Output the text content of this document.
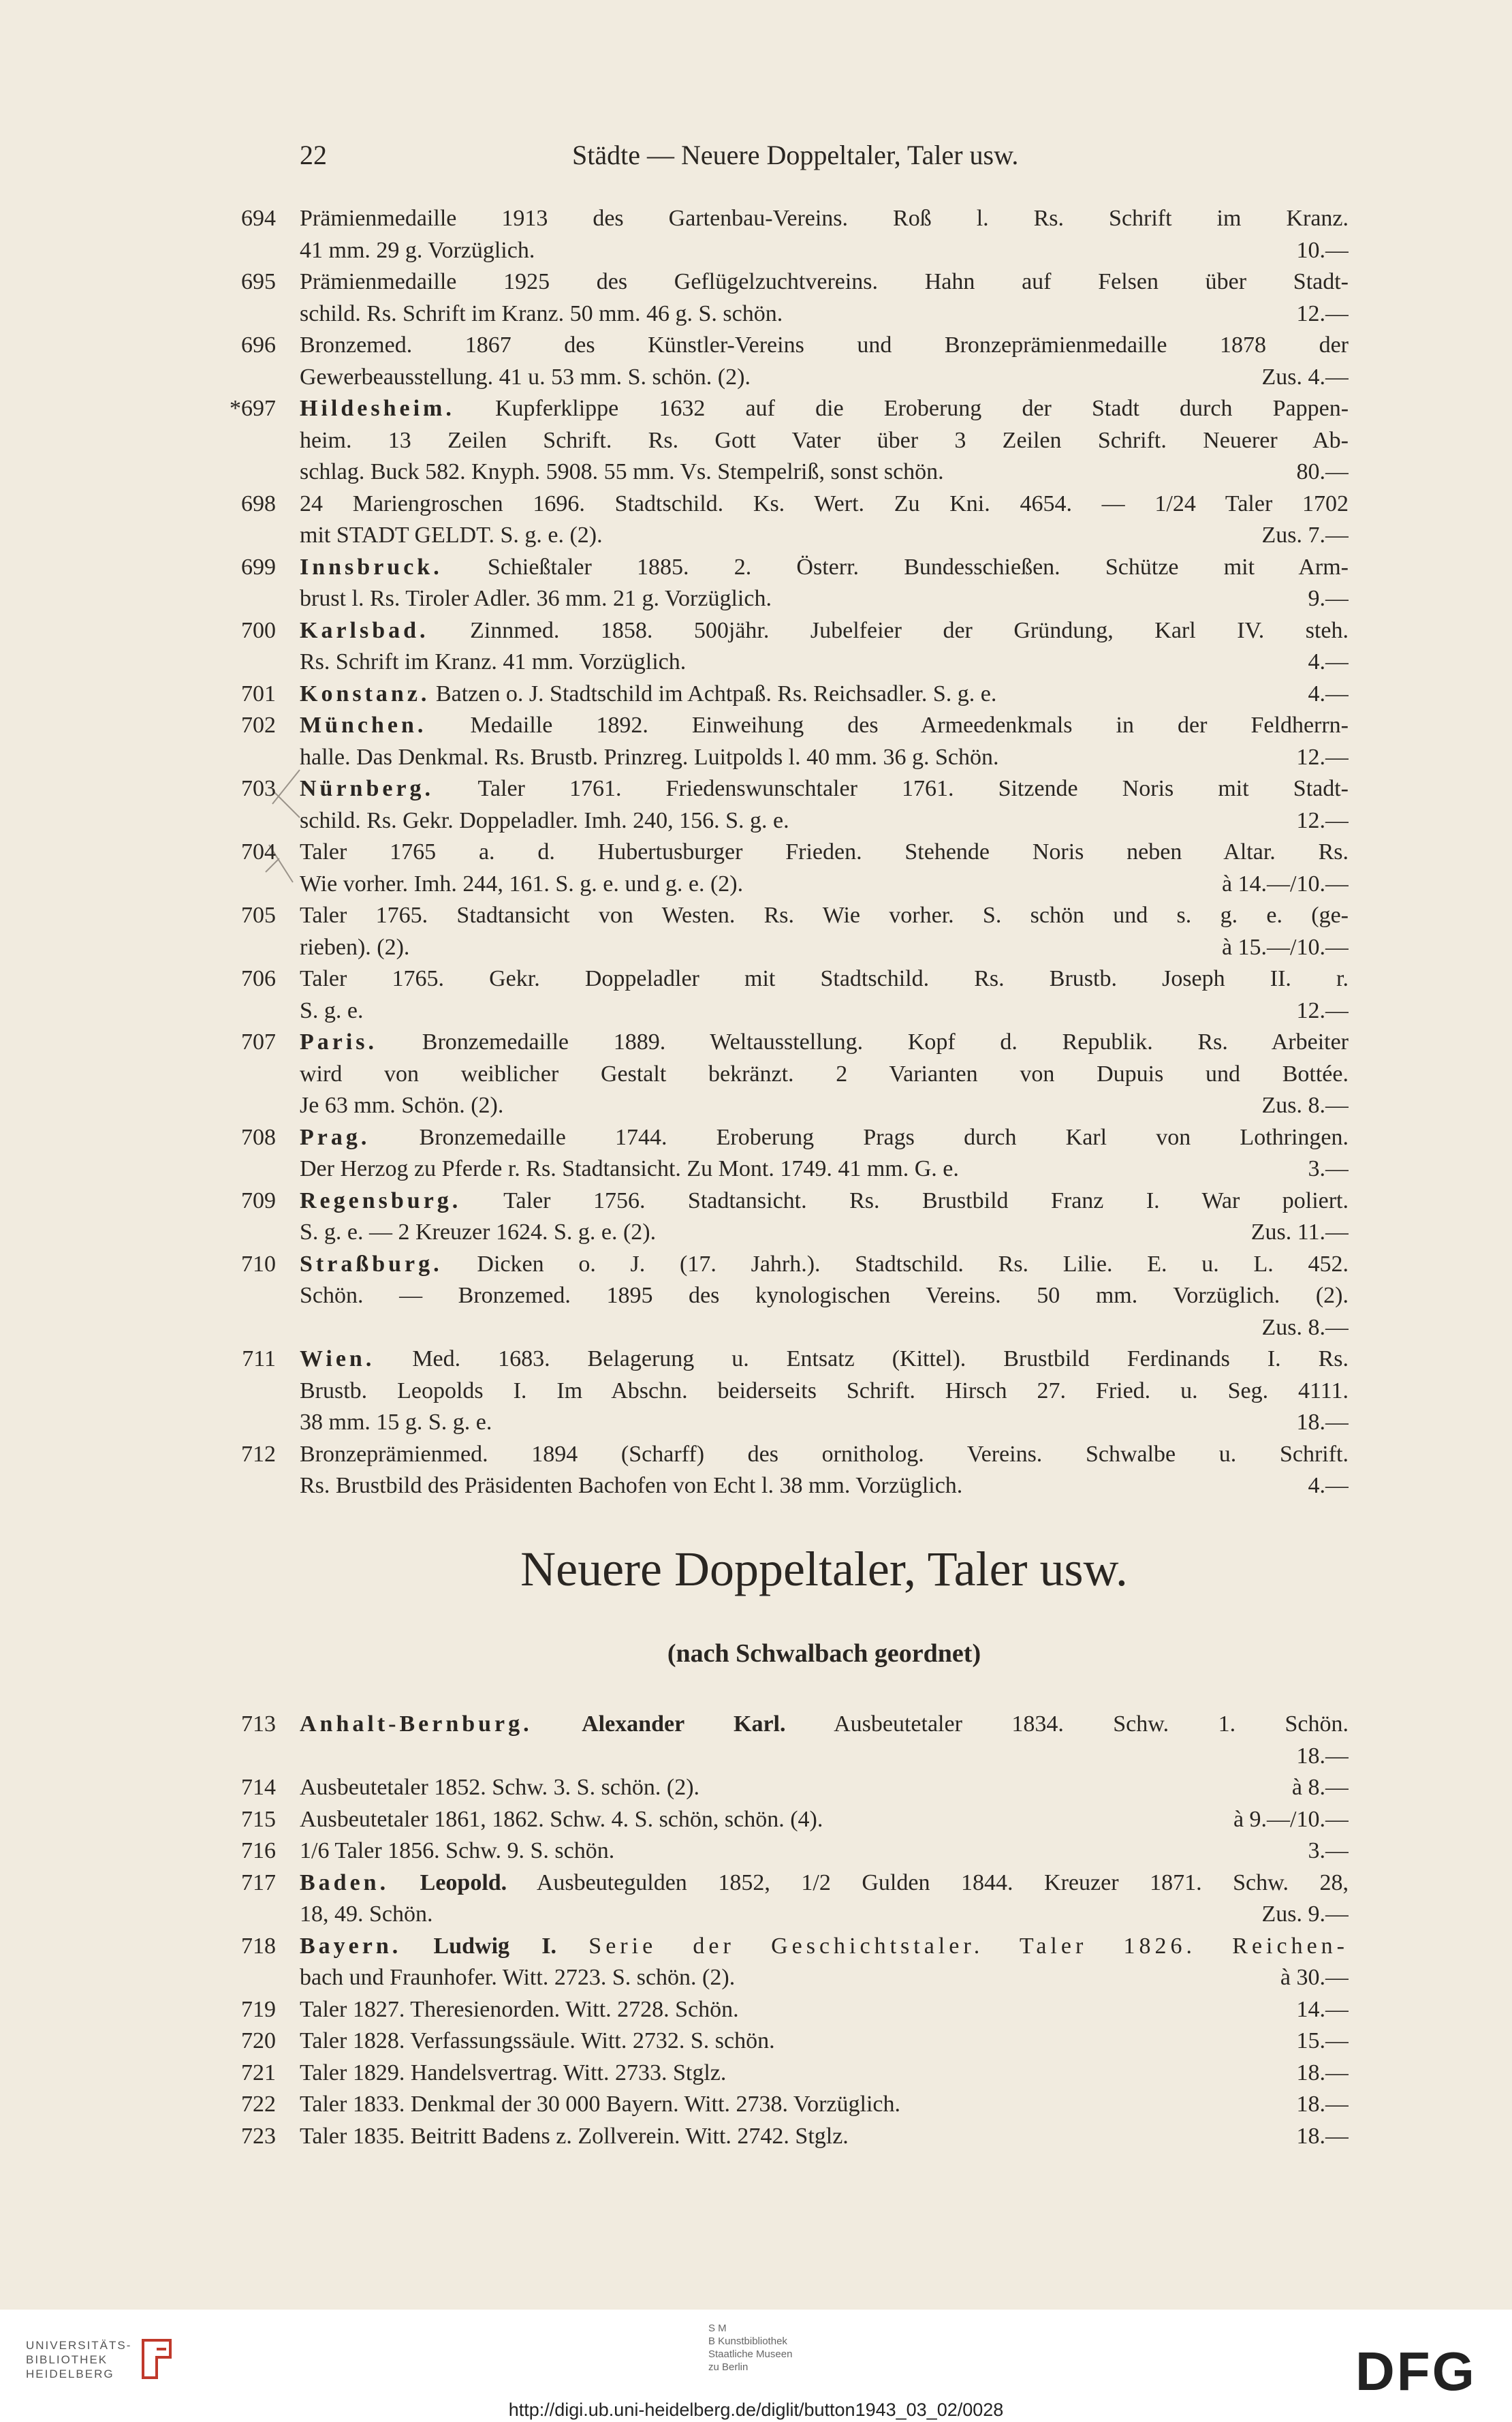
22	Städte — Neuere Doppeltaler, Taler usw.
694 Prämienmedaille 1913 des Gartenbau-Vereins. Roß l. Rs. Schrift im Kranz.
41 mm. 29 g. Vorzüglich.	10.—
695 Prämienmedaille 1925 des Geflügelzuchtvereins. Hahn auf Felsen über Stadt-
schild. Rs. Schrift im Kranz. 50 mm. 46 g. S. schön.	12.—
696 Bronzemed. 1867 des Künstler-Vereins und Bronzeprämienmedaille 1878 der
Gewerbeausstellung. 41 u. 53 mm. S. schön. (2).	Zus. 4.—
*697 Hildesheim. Kupferklippe 1632 auf die Eroberung der Stadt durch Pappen-
heim. 13 Zeilen Schrift. Rs. Gott Vater über 3 Zeilen Schrift. Neuerer Ab-
schlag. Buck 582. Knyph. 5908. 55 mm. Vs. Stempelriß, sonst schön.	80.—
698 24 Mariengroschen 1696. Stadtschild. Ks. Wert. Zu Kni. 4654. — 1/24 Taler 1702
mit STADT GELDT. S. g. e. (2).	Zus. 7.—
699 Innsbruck. Schießtaler 1885. 2. Österr. Bundesschießen. Schütze mit Arm-
brust l. Rs. Tiroler Adler. 36 mm. 21 g. Vorzüglich.	9.—
700 Karlsbad. Zinnmed. 1858. 500jähr. Jubelfeier der Gründung, Karl IV. steh.
Rs. Schrift im Kranz. 41 mm. Vorzüglich.	4.—
701 Konstanz. Batzen o. J. Stadtschild im Achtpaß. Rs. Reichsadler. S. g. e.	4.—
702 München. Medaille 1892. Einweihung des Armeedenkmals in der Feldherrn-
halle. Das Denkmal. Rs. Brustb. Prinzreg. Luitpolds l. 40 mm. 36 g. Schön.	12.—
703 Nürnberg. Taler 1761. Friedenswunschtaler 1761. Sitzende Noris mit Stadt-
schild. Rs. Gekr. Doppeladler. Imh. 240, 156. S. g. e.	12.—
704 Taler 1765 a. d. Hubertusburger Frieden. Stehende Noris neben Altar. Rs.
Wie vorher. Imh. 244, 161. S. g. e. und g. e. (2).	à 14.—/10.—
705 Taler 1765. Stadtansicht von Westen. Rs. Wie vorher. S. schön und s. g. e. (ge-
rieben). (2).	à 15.—/10.—
706 Taler 1765. Gekr. Doppeladler mit Stadtschild. Rs. Brustb. Joseph II. r.
S. g. e.	12.—
707 Paris. Bronzemedaille 1889. Weltausstellung. Kopf d. Republik. Rs. Arbeiter
wird von weiblicher Gestalt bekränzt. 2 Varianten von Dupuis und Bottée.
Je 63 mm. Schön. (2).	Zus. 8.—
708 Prag. Bronzemedaille 1744. Eroberung Prags durch Karl von Lothringen.
Der Herzog zu Pferde r. Rs. Stadtansicht. Zu Mont. 1749. 41 mm. G. e.	3.—
709 Regensburg. Taler 1756. Stadtansicht. Rs. Brustbild Franz I. War poliert.
S. g. e. — 2 Kreuzer 1624. S. g. e. (2).	Zus. 11.—
710 Straßburg. Dicken o. J. (17. Jahrh.). Stadtschild. Rs. Lilie. E. u. L. 452.
Schön. — Bronzemed. 1895 des kynologischen Vereins. 50 mm. Vorzüglich. (2).
Zus. 8.—
711 Wien. Med. 1683. Belagerung u. Entsatz (Kittel). Brustbild Ferdinands I. Rs.
Brustb. Leopolds I. Im Abschn. beiderseits Schrift. Hirsch 27. Fried. u. Seg. 4111.
38 mm. 15 g. S. g. e.	18.—
712 Bronzeprämienmed. 1894 (Scharff) des ornitholog. Vereins. Schwalbe u. Schrift.
Rs. Brustbild des Präsidenten Bachofen von Echt l. 38 mm. Vorzüglich.	4.—
Neuere Doppeltaler, Taler usw.
(nach Schwalbach geordnet)
713 Anhalt-Bernburg. Alexander Karl. Ausbeutetaler 1834. Schw. 1. Schön.
18.—
714 Ausbeutetaler 1852. Schw. 3. S. schön. (2).	à 8.—
715 Ausbeutetaler 1861, 1862. Schw. 4. S. schön, schön. (4).	à 9.—/10.—
716 1/6 Taler 1856. Schw. 9. S. schön.	3.—
717 Baden. Leopold. Ausbeutegulden 1852, 1/2 Gulden 1844. Kreuzer 1871. Schw. 28,
18, 49. Schön.	Zus. 9.—
718 Bayern. Ludwig I. Serie der Geschichtstaler. Taler 1826. Reichen-
bach und Fraunhofer. Witt. 2723. S. schön. (2).	à 30.—
719 Taler 1827. Theresienorden. Witt. 2728. Schön.	14.—
720 Taler 1828. Verfassungssäule. Witt. 2732. S. schön.	15.—
721 Taler 1829. Handelsvertrag. Witt. 2733. Stglz.	18.—
722 Taler 1833. Denkmal der 30 000 Bayern. Witt. 2738. Vorzüglich.	18.—
723 Taler 1835. Beitritt Badens z. Zollverein. Witt. 2742. Stglz.	18.—
UNIVERSITÄTS-
BIBLIOTHEK
HEIDELBERG
S M
B Kunstbibliothek
Staatliche Museen
zu Berlin	DFG
http://digi.ub.uni-heidelberg.de/diglit/button1943_03_02/0028
